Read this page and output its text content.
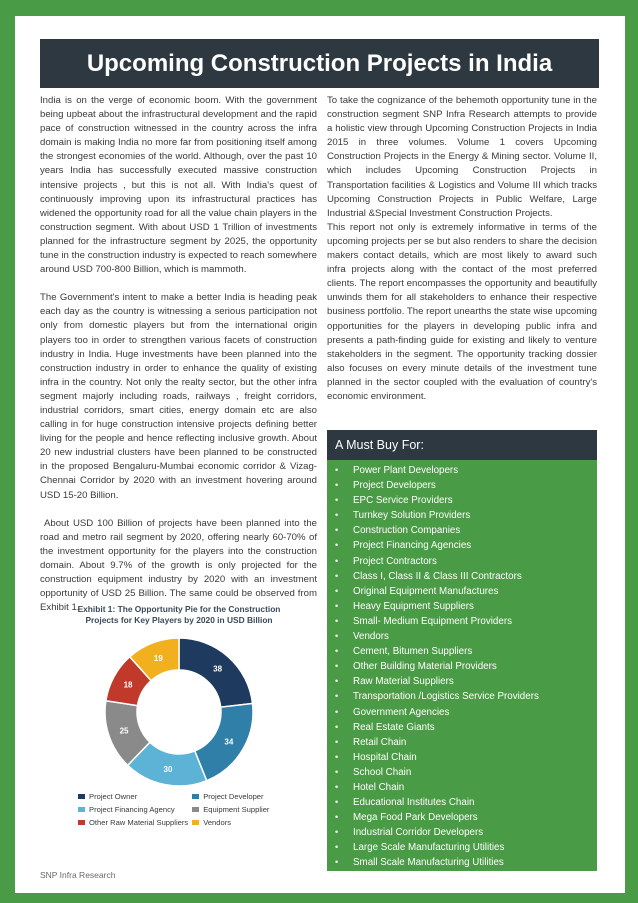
Upcoming Construction Projects in India

India is on the verge of economic boom. With the government being upbeat about the infrastructural development and the rapid pace of construction witnessed in the country across the infra domain is making India no more far from positioning itself among the strongest economies of the world. Although, over the past 10 years India has successfully executed massive construction intensive projects , but this is not all. With India's quest of continuously improving upon its infrastructural practices has widened the opportunity road for all the value chain players in the construction segment. With about USD 1 Trillion of investments planned for the infrastructure segment by 2025, the opportunity tune in the construction industry is expected to reach somewhere around USD 700-800 Billion, which is mammoth.

The Government's intent to make a better India is heading peak each day as the country is witnessing a serious participation not only from domestic players but from the international origin players too in order to strengthen various facets of construction industry in India. Huge investments have been planned into the construction industry in order to enhance the quality of existing infra in the country. Not only the realty sector, but the other infra segment majorly including roads, railways , freight corridors, industrial corridors, smart cities, energy domain etc are also calling in for huge construction intensive projects defining better living for the people and hence reflecting inclusive growth. About 20 new industrial clusters have been planned to be constructed in the proposed Bengaluru-Mumbai economic corridor & Vizag-Chennai Corridor by 2020 with an investment hovering around USD 15-20 Billion.

About USD 100 Billion of projects have been planned into the road and metro rail segment by 2020, offering nearly 60-70% of the investment opportunity for the players into the construction domain. About 9.7% of the growth is only projected for the construction equipment industry by 2020 with an investment opportunity of USD 25 Billion. The same could be observed from Exhibit 1.

To take the cognizance of the behemoth opportunity tune in the construction segment SNP Infra Research attempts to provide a holistic view through Upcoming Construction Projects in India 2015 in three volumes. Volume 1 covers Upcoming Construction Projects in the Energy & Mining sector. Volume II, which includes Upcoming Construction Projects in Transportation facilities & Logistics and Volume III which tracks Upcoming Construction Projects in Public Welfare, Large Industrial &Special Investment Construction Projects.

This report not only is extremely informative in terms of the upcoming projects per se but also renders to share the decision makers contact details, which are most likely to award such infra projects along with the contact of the most preferred clients. The report encompasses the opportunity and beautifully unwinds them for all stakeholders to enhance their respective business portfolio. The report unearths the state wise upcoming opportunities for the players in developing public infra and presents a path-finding guide for existing and likely to venture stakeholders in the segment. The opportunity tracking dossier also focuses on every minute details of the investment tune planned in the sector coupled with the evaluation of country's economic environment.

Exhibit 1: The Opportunity Pie for the Construction
Projects for Key Players by 2020 in USD Billion
38
34
30
25
18
19
Project Owner	Project Developer
Project Financing Agency	Equipment Supplier
Other Raw Material Suppliers Vendors
A Must Buy For:
•	Power Plant Developers
•	Project Developers
•	EPC Service Providers
•	Turnkey Solution Providers
•	Construction Companies
•	Project Financing Agencies
•	Project Contractors
•	Class I, Class II & Class III Contractors
•	Original Equipment Manufactures
•	Heavy Equipment Suppliers
•	Small- Medium Equipment Providers
•	Vendors
•	Cement, Bitumen Suppliers
•	Other Building Material Providers
•	Raw Material Suppliers
•	Transportation /Logistics Service Providers
•	Government Agencies
•	Real Estate Giants
•	Retail Chain
•	Hospital Chain
•	School Chain
•	Hotel Chain
•	Educational Institutes Chain
•	Mega Food Park Developers
•	Industrial Corridor Developers
•	Large Scale Manufacturing Utilities
•	Small Scale Manufacturing Utilities
SNP Infra Research
